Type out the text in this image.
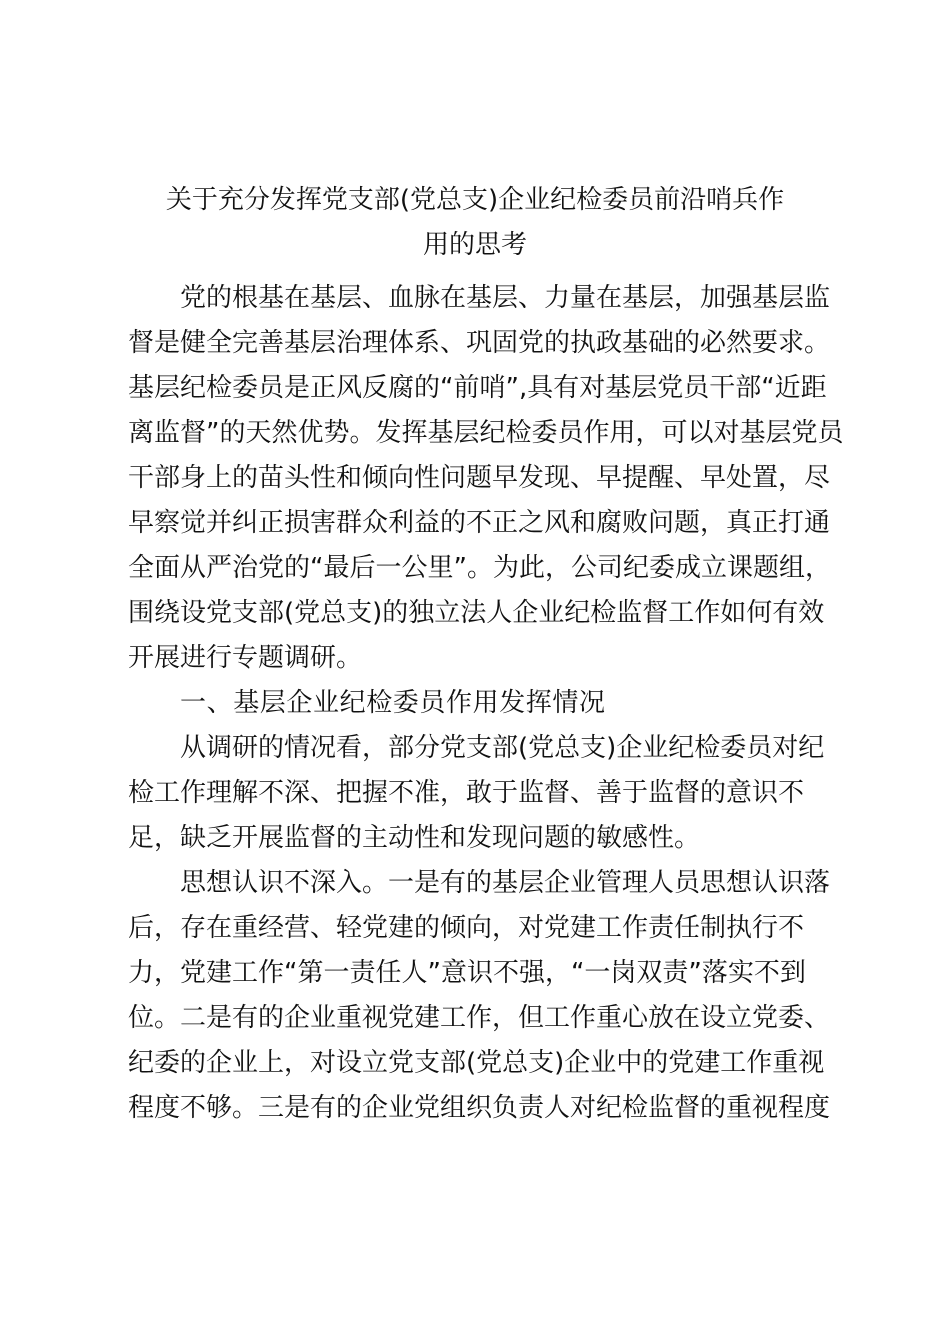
关于充分发挥党支部(党总支)企业纪检委员前沿哨兵作
用的思考
党的根基在基层、血脉在基层、力量在基层，加强基层监
督是健全完善基层治理体系、巩固党的执政基础的必然要求。
基层纪检委员是正风反腐的“前哨”,具有对基层党员干部“近距
离监督”的天然优势。发挥基层纪检委员作用，可以对基层党员
干部身上的苗头性和倾向性问题早发现、早提醒、早处置，尽
早察觉并纠正损害群众利益的不正之风和腐败问题，真正打通
全面从严治党的“最后一公里”。为此，公司纪委成立课题组，
围绕设党支部(党总支)的独立法人企业纪检监督工作如何有效
开展进行专题调研。
一、基层企业纪检委员作用发挥情况
从调研的情况看，部分党支部(党总支)企业纪检委员对纪
检工作理解不深、把握不准，敢于监督、善于监督的意识不
足，缺乏开展监督的主动性和发现问题的敏感性。
思想认识不深入。一是有的基层企业管理人员思想认识落
后，存在重经营、轻党建的倾向，对党建工作责任制执行不
力，党建工作“第一责任人”意识不强，“一岗双责”落实不到
位。二是有的企业重视党建工作，但工作重心放在设立党委、
纪委的企业上，对设立党支部(党总支)企业中的党建工作重视
程度不够。三是有的企业党组织负责人对纪检监督的重视程度
